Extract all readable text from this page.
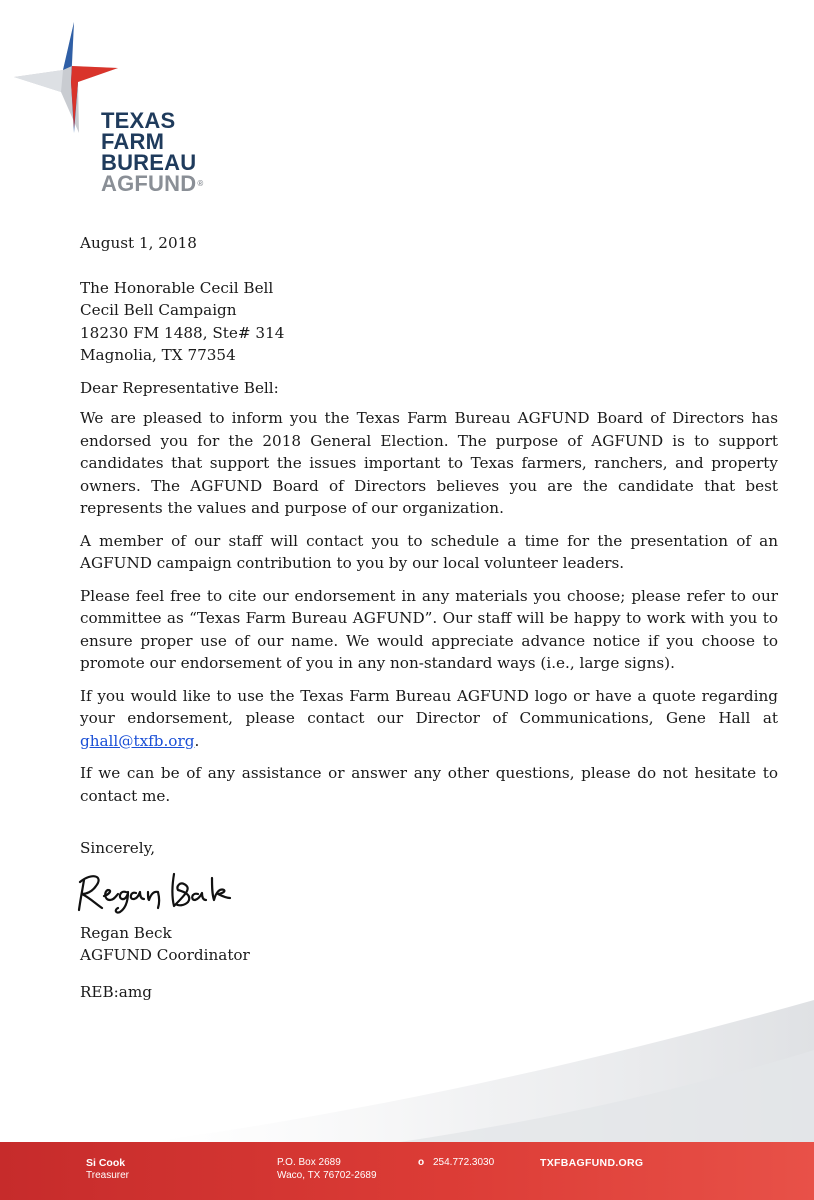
TEXAS
FARM
BUREAU
AGFUND®

August 1, 2018

The Honorable Cecil Bell
Cecil Bell Campaign
18230 FM 1488, Ste# 314
Magnolia, TX 77354

Dear Representative Bell:

We are pleased to inform you the Texas Farm Bureau AGFUND Board of Directors has endorsed you for the 2018 General Election. The purpose of AGFUND is to support candidates that support the issues important to Texas farmers, ranchers, and property owners. The AGFUND Board of Directors believes you are the candidate that best represents the values and purpose of our organization.

A member of our staff will contact you to schedule a time for the presentation of an AGFUND campaign contribution to you by our local volunteer leaders.

Please feel free to cite our endorsement in any materials you choose; please refer to our committee as “Texas Farm Bureau AGFUND”. Our staff will be happy to work with you to ensure proper use of our name. We would appreciate advance notice if you choose to promote our endorsement of you in any non-standard ways (i.e., large signs).

If you would like to use the Texas Farm Bureau AGFUND logo or have a quote regarding your endorsement, please contact our Director of Communications, Gene Hall at ghall@txfb.org.

If we can be of any assistance or answer any other questions, please do not hesitate to contact me.

Sincerely,

Regan Beck
AGFUND Coordinator

REB:amg

Si Cook
Treasurer
P.O. Box 2689
Waco, TX 76702-2689
o 254.772.3030	TXFBAGFUND.ORG
